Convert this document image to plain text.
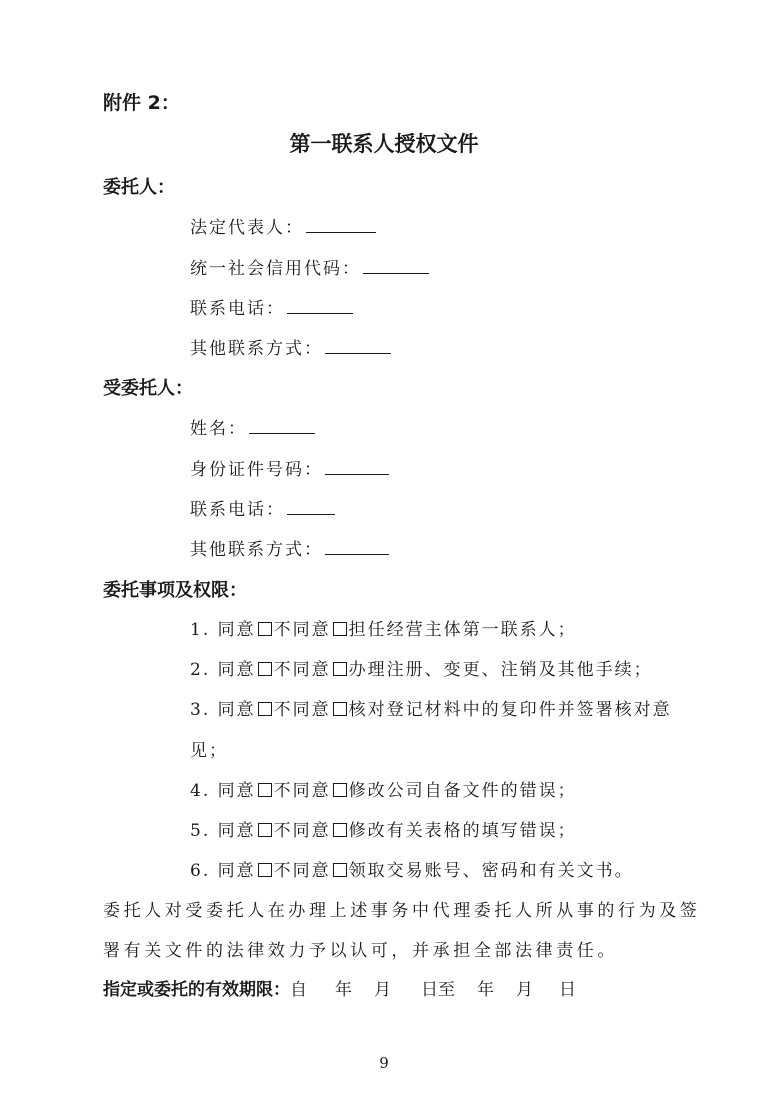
附件 2：
第一联系人授权文件
委托人：
法定代表人：
统一社会信用代码：
联系电话：
其他联系方式：
受委托人：
姓名：
身份证件号码：
联系电话：
其他联系方式：
委托事项及权限：
1. 同意 不同意 担任经营主体第一联系人；
2. 同意 不同意 办理注册、变更、注销及其他手续；
3. 同意 不同意 核对登记材料中的复印件并签署核对意
见；
4. 同意 不同意 修改公司自备文件的错误；
5. 同意 不同意 修改有关表格的填写错误；
6. 同意 不同意 领取交易账号、密码和有关文书。
委托人对受委托人在办理上述事务中代理委托人所从事的行为及签
署有关文件的法律效力予以认可，并承担全部法律责任。
指定或委托的有效期限：自 年 月 日至 年 月 日
9
